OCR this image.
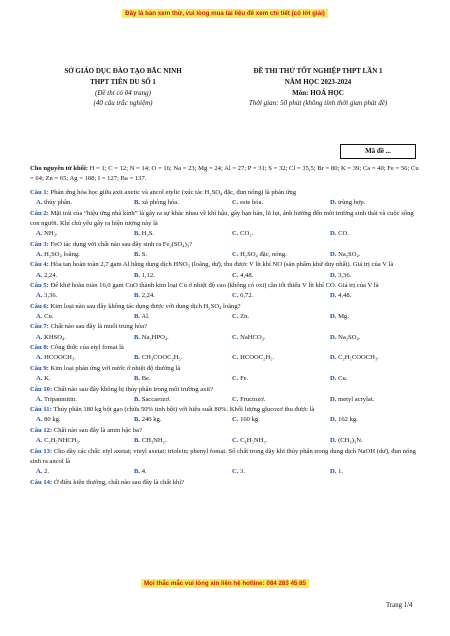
Đây là bản xem thử, vui lòng mua tài liệu để xem chi tiết (có lời giải)
SỞ GIÁO DỤC ĐÀO TẠO BẮC NINH
THPT TIÊN DU SỐ 1
(Đề thi có 04 trang)
(40 câu trắc nghiệm)
ĐỀ THI THỬ TỐT NGHIỆP THPT LẦN 1
NĂM HỌC 2023-2024
Môn: HOÁ HỌC
Thời gian: 50 phút (không tính thời gian phát đề)
Mã đề ...
Cho nguyên tử khối: H = 1; C = 12; N = 14; O = 16; Na = 23; Mg = 24; Al = 27; P = 31; S = 32; Cl = 35,5; Br = 80; K = 39; Ca = 40; Fe = 56; Cu = 64; Zn = 65; Ag = 108; I = 127; Ba = 137.
Câu 1: Phản ứng hóa học giữa axit axetic và ancol etylic (xúc tác H₂SO₄ đặc, đun nóng) là phản ứng
A. thủy phân.	B. xà phòng hóa.	C. este hóa.	D. trùng hợp.
Câu 2: Mặt trái của “hiệu ứng nhà kính” là gây ra sự khác nhau về khí hậu, gây hạn hán, lũ lụt, ảnh hưởng đến môi trường sinh thái và cuộc sống con người. Khí chủ yếu gây ra hiện tượng này là
A. NH₃.	B. H₂S.	C. CO₂.	D. CO.
Câu 3: FeO tác dụng với chất nào sau đây sinh ra Fe₂(SO₄)₃?
A. H₂SO₄ loãng.	B. S.	C. H₂SO₄ đặc, nóng.	D. Na₂SO₄.
Câu 4: Hòa tan hoàn toàn 2,7 gam Al bằng dung dịch HNO₃ (loãng, dư), thu được V lít khí NO (sản phẩm khử duy nhất). Giá trị của V là
A. 2,24.	B. 1,12.	C. 4,48.	D. 3,36.
Câu 5: Để khử hoàn toàn 16,0 gam CuO thành kim loại Cu ở nhiệt độ cao (không có oxi) cần tối thiểu V lít khí CO. Giá trị của V là
A. 3,36.	B. 2,24.	C. 6,72.	D. 4,48.
Câu 6: Kim loại nào sau đây không tác dụng được với dung dịch H₂SO₄ loãng?
A. Cu.	B. Al.	C. Zn.	D. Mg.
Câu 7: Chất nào sau đây là muối trung hòa?
A. KHSO₄.	B. Na₂HPO₄.	C. NaHCO₃.	D. Na₂SO₄.
Câu 8: Công thức của etyl fomat là
A. HCOOCH₃.	B. CH₃COOC₂H₅.	C. HCOOC₂H₅.	D. C₂H₅COOCH₃.
Câu 9: Kim loại phản ứng với nước ở nhiệt độ thường là
A. K.	B. Be.	C. Fe.	D. Cu.
Câu 10: Chất nào sau đây không bị thủy phân trong môi trường axit?
A. Tripanmitin.	B. Saccarozơ.	C. Fructozơ.	D. metyl acrylat.
Câu 11: Thủy phân 180 kg bột gạo (chứa 50% tinh bột) với hiệu suất 80%. Khối lượng glucozơ thu được là
A. 80 kg.	B. 240 kg.	C. 160 kg.	D. 162 kg.
Câu 12: Chất nào sau đây là amin bậc ba?
A. C₂H₅NHCH₃.	B. CH₃NH₂.	C. C₆H₅NH₂.	D. (CH₃)₃N.
Câu 13: Cho dãy các chất: etyl axetat; vinyl axetat; triolein; phenyl fomat. Số chất trong dãy khi thủy phân trong dung dịch NaOH (dư), đun nóng sinh ra ancol là
A. 2.	B. 4.	C. 3.	D. 1.
Câu 14: Ở điều kiện thường, chất nào sau đây là chất khí?
Mọi thắc mắc vui lòng xin liên hệ hotline: 084 283 45 85
Trang 1/4
